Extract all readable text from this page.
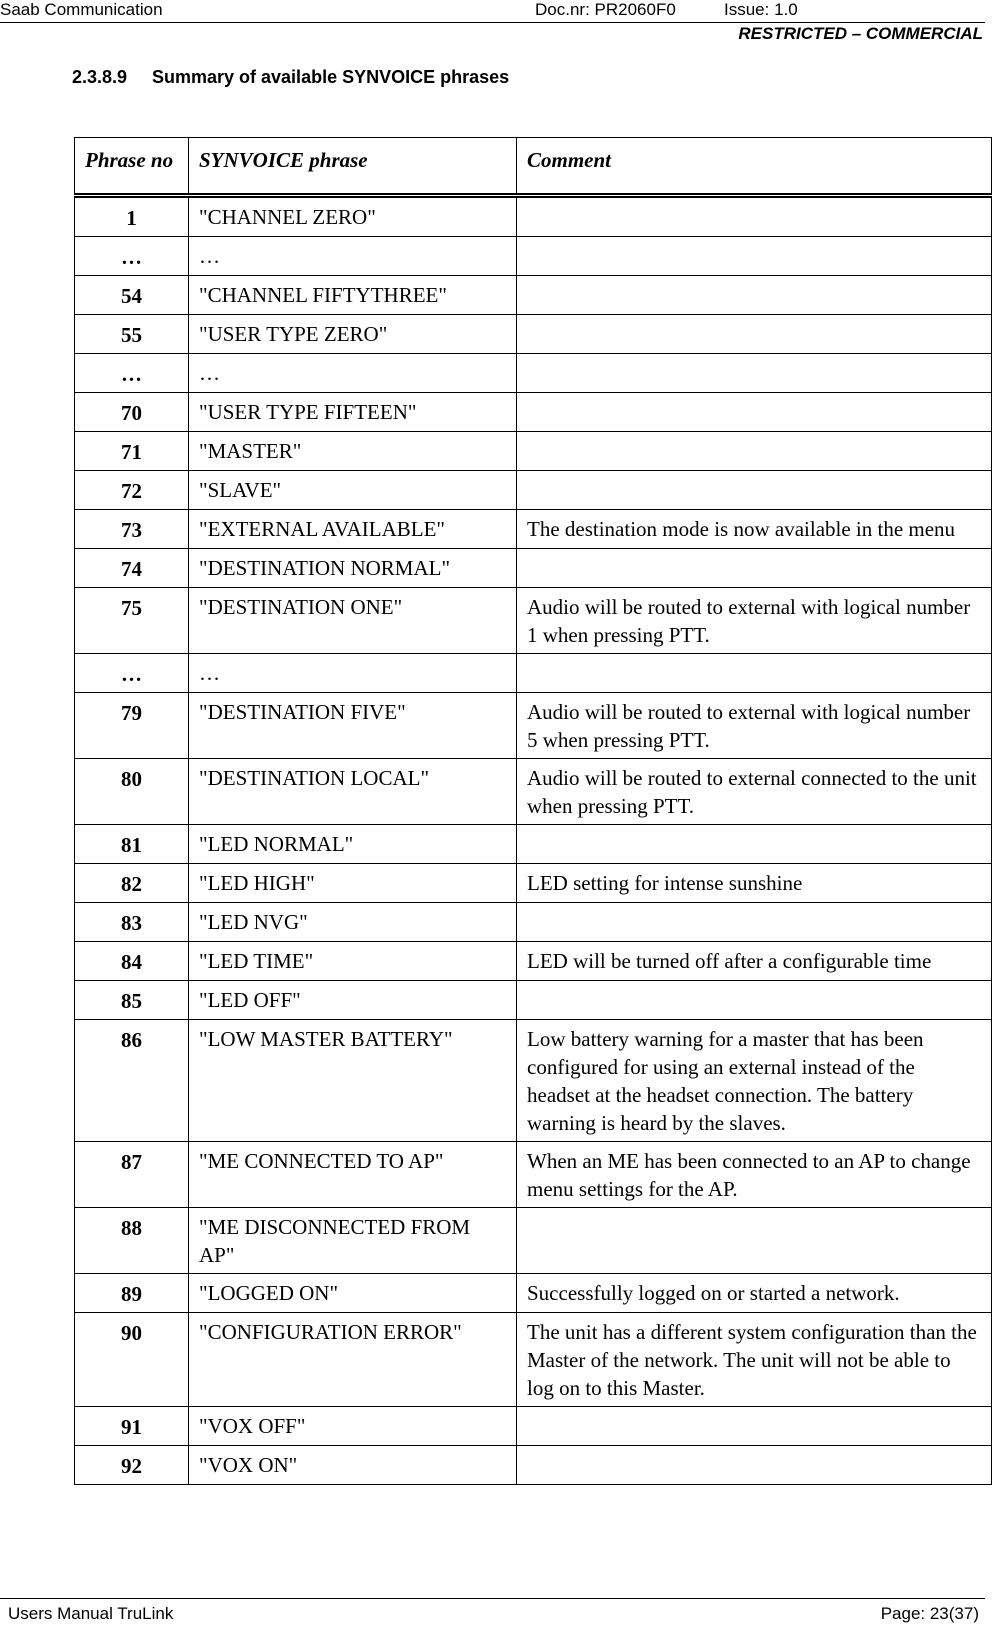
Saab Communication	Doc.nr: PR2060F0	Issue: 1.0
RESTRICTED – COMMERCIAL
2.3.8.9 Summary of available SYNVOICE phrases
Phrase no	SYNVOICE phrase	Comment
1	"CHANNEL ZERO"	
…	…	
54	"CHANNEL FIFTYTHREE"	
55	"USER TYPE ZERO"	
…	…	
70	"USER TYPE FIFTEEN"	
71	"MASTER"	
72	"SLAVE"	
73	"EXTERNAL AVAILABLE"	The destination mode is now available in the menu
74	"DESTINATION NORMAL"	
75	"DESTINATION ONE"	Audio will be routed to external with logical number 1 when pressing PTT.
…	…	
79	"DESTINATION FIVE"	Audio will be routed to external with logical number 5 when pressing PTT.
80	"DESTINATION LOCAL"	Audio will be routed to external connected to the unit when pressing PTT.
81	"LED NORMAL"	
82	"LED HIGH"	LED setting for intense sunshine
83	"LED NVG"	
84	"LED TIME"	LED will be turned off after a configurable time
85	"LED OFF"	
86	"LOW MASTER BATTERY"	Low battery warning for a master that has been configured for using an external instead of the headset at the headset connection. The battery warning is heard by the slaves.
87	"ME CONNECTED TO AP"	When an ME has been connected to an AP to change menu settings for the AP.
88	"ME DISCONNECTED FROM AP"	
89	"LOGGED ON"	Successfully logged on or started a network.
90	"CONFIGURATION ERROR"	The unit has a different system configuration than the Master of the network. The unit will not be able to log on to this Master.
91	"VOX OFF"	
92	"VOX ON"	
Users Manual TruLink	Page: 23(37)
